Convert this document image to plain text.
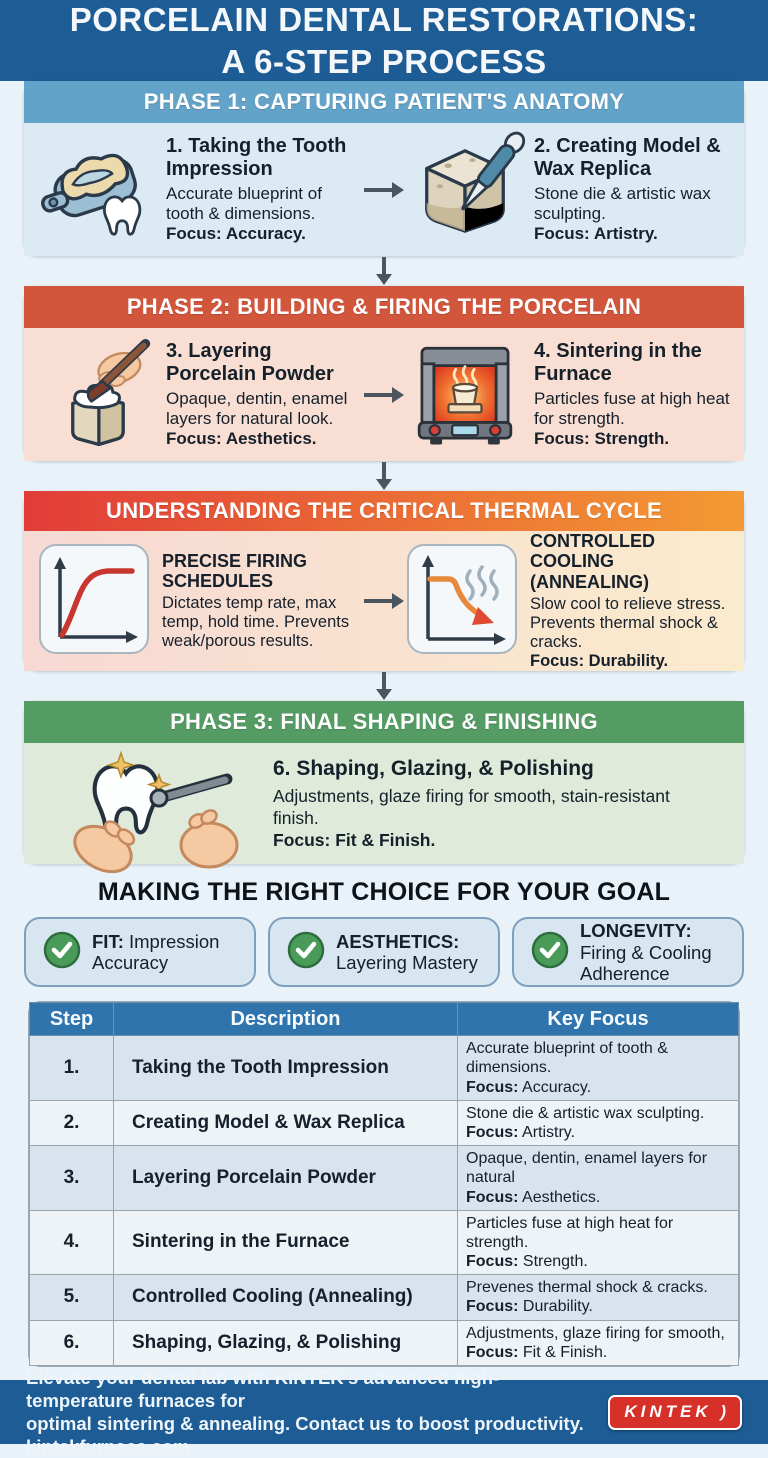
PORCELAIN DENTAL RESTORATIONS:
A 6-STEP PROCESS
PHASE 1: CAPTURING PATIENT'S ANATOMY
1. Taking the Tooth Impression
Accurate blueprint of tooth & dimensions.
Focus: Accuracy.
2. Creating Model & Wax Replica
Stone die & artistic wax sculpting.
Focus: Artistry.
PHASE 2: BUILDING & FIRING THE PORCELAIN
3. Layering Porcelain Powder
Opaque, dentin, enamel layers for natural look.
Focus: Aesthetics.
4. Sintering in the Furnace
Particles fuse at high heat for strength.
Focus: Strength.
UNDERSTANDING THE CRITICAL THERMAL CYCLE
PRECISE FIRING SCHEDULES
Dictates temp rate, max temp, hold time. Prevents weak/porous results.
CONTROLLED COOLING (ANNEALING)
Slow cool to relieve stress. Prevents thermal shock & cracks.
Focus: Durability.
PHASE 3: FINAL SHAPING & FINISHING
6. Shaping, Glazing, & Polishing
Adjustments, glaze firing for smooth, stain-resistant finish.
Focus: Fit & Finish.
MAKING THE RIGHT CHOICE FOR YOUR GOAL
FIT: Impression Accuracy
AESTHETICS: Layering Mastery
LONGEVITY: Firing & Cooling Adherence
Step	Description	Key Focus
1.	Taking the Tooth Impression	Accurate blueprint of tooth & dimensions.
Focus: Accuracy.
2.	Creating Model & Wax Replica	Stone die & artistic wax sculpting.
Focus: Artistry.
3.	Layering Porcelain Powder	Opaque, dentin, enamel layers for natural
Focus: Aesthetics.
4.	Sintering in the Furnace	Particles fuse at high heat for strength.
Focus: Strength.
5.	Controlled Cooling (Annealing)	Prevenes thermal shock & cracks.
Focus: Durability.
6.	Shaping, Glazing, & Polishing	Adjustments, glaze firing for smooth,
Focus: Fit & Finish.
Elevate your dental lab with KINTEK's advanced high-temperature furnaces for
optimal sintering & annealing. Contact us to boost productivity. kintekfurnace.com
KINTEK )
